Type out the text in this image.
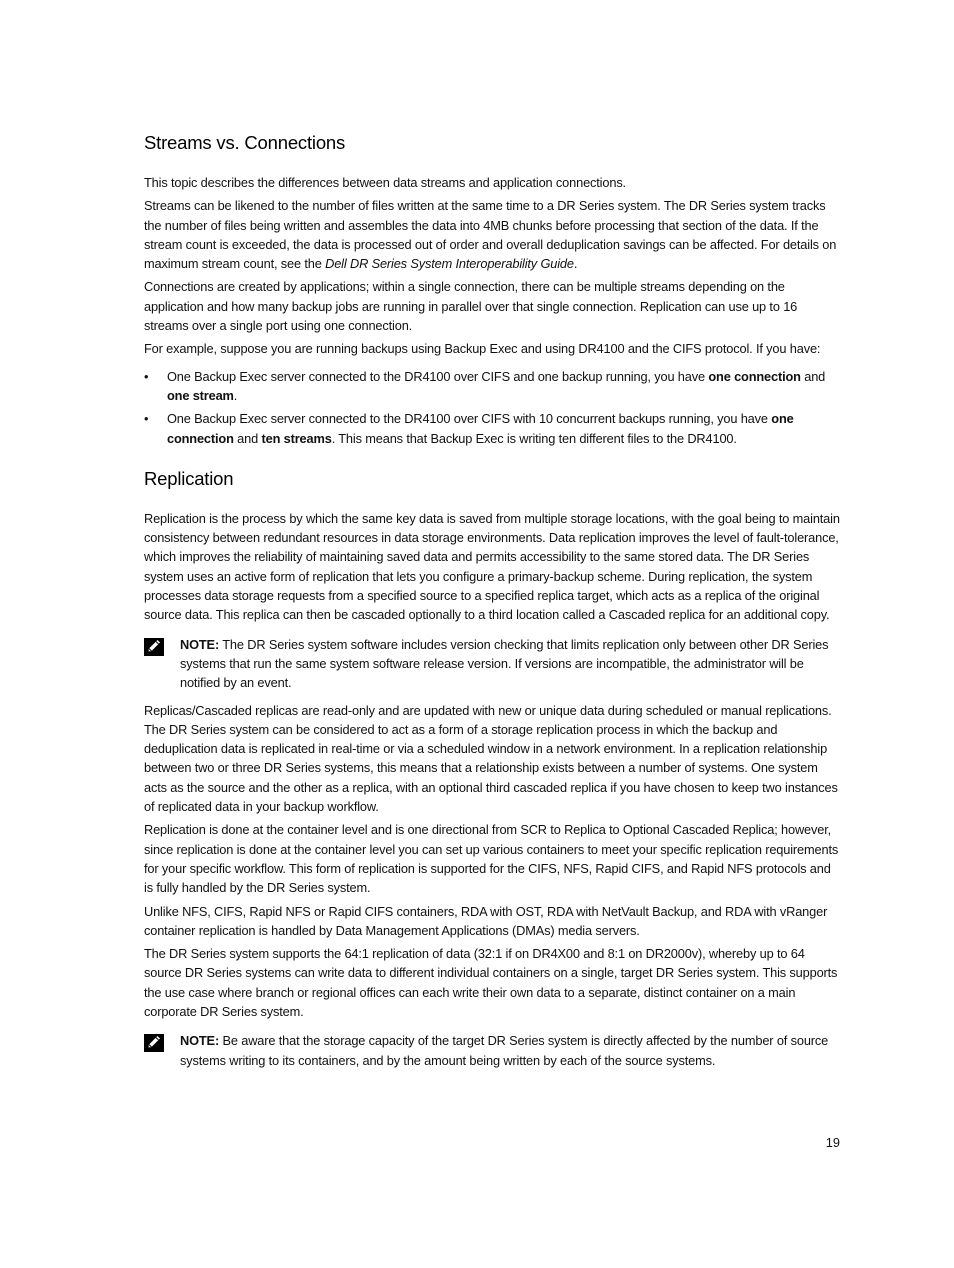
Streams vs. Connections

This topic describes the differences between data streams and application connections.

Streams can be likened to the number of files written at the same time to a DR Series system. The DR Series system tracks the number of files being written and assembles the data into 4MB chunks before processing that section of the data. If the stream count is exceeded, the data is processed out of order and overall deduplication savings can be affected. For details on maximum stream count, see the Dell DR Series System Interoperability Guide.

Connections are created by applications; within a single connection, there can be multiple streams depending on the application and how many backup jobs are running in parallel over that single connection. Replication can use up to 16 streams over a single port using one connection.

For example, suppose you are running backups using Backup Exec and using DR4100 and the CIFS protocol. If you have:

• One Backup Exec server connected to the DR4100 over CIFS and one backup running, you have one connection and one stream.
• One Backup Exec server connected to the DR4100 over CIFS with 10 concurrent backups running, you have one connection and ten streams. This means that Backup Exec is writing ten different files to the DR4100.
Replication

Replication is the process by which the same key data is saved from multiple storage locations, with the goal being to maintain consistency between redundant resources in data storage environments. Data replication improves the level of fault-tolerance, which improves the reliability of maintaining saved data and permits accessibility to the same stored data. The DR Series system uses an active form of replication that lets you configure a primary-backup scheme. During replication, the system processes data storage requests from a specified source to a specified replica target, which acts as a replica of the original source data. This replica can then be cascaded optionally to a third location called a Cascaded replica for an additional copy.

NOTE: The DR Series system software includes version checking that limits replication only between other DR Series systems that run the same system software release version. If versions are incompatible, the administrator will be notified by an event.

Replicas/Cascaded replicas are read-only and are updated with new or unique data during scheduled or manual replications. The DR Series system can be considered to act as a form of a storage replication process in which the backup and deduplication data is replicated in real-time or via a scheduled window in a network environment. In a replication relationship between two or three DR Series systems, this means that a relationship exists between a number of systems. One system acts as the source and the other as a replica, with an optional third cascaded replica if you have chosen to keep two instances of replicated data in your backup workflow.

Replication is done at the container level and is one directional from SCR to Replica to Optional Cascaded Replica; however, since replication is done at the container level you can set up various containers to meet your specific replication requirements for your specific workflow. This form of replication is supported for the CIFS, NFS, Rapid CIFS, and Rapid NFS protocols and is fully handled by the DR Series system.

Unlike NFS, CIFS, Rapid NFS or Rapid CIFS containers, RDA with OST, RDA with NetVault Backup, and RDA with vRanger container replication is handled by Data Management Applications (DMAs) media servers.

The DR Series system supports the 64:1 replication of data (32:1 if on DR4X00 and 8:1 on DR2000v), whereby up to 64 source DR Series systems can write data to different individual containers on a single, target DR Series system. This supports the use case where branch or regional offices can each write their own data to a separate, distinct container on a main corporate DR Series system.

NOTE: Be aware that the storage capacity of the target DR Series system is directly affected by the number of source systems writing to its containers, and by the amount being written by each of the source systems.
19
